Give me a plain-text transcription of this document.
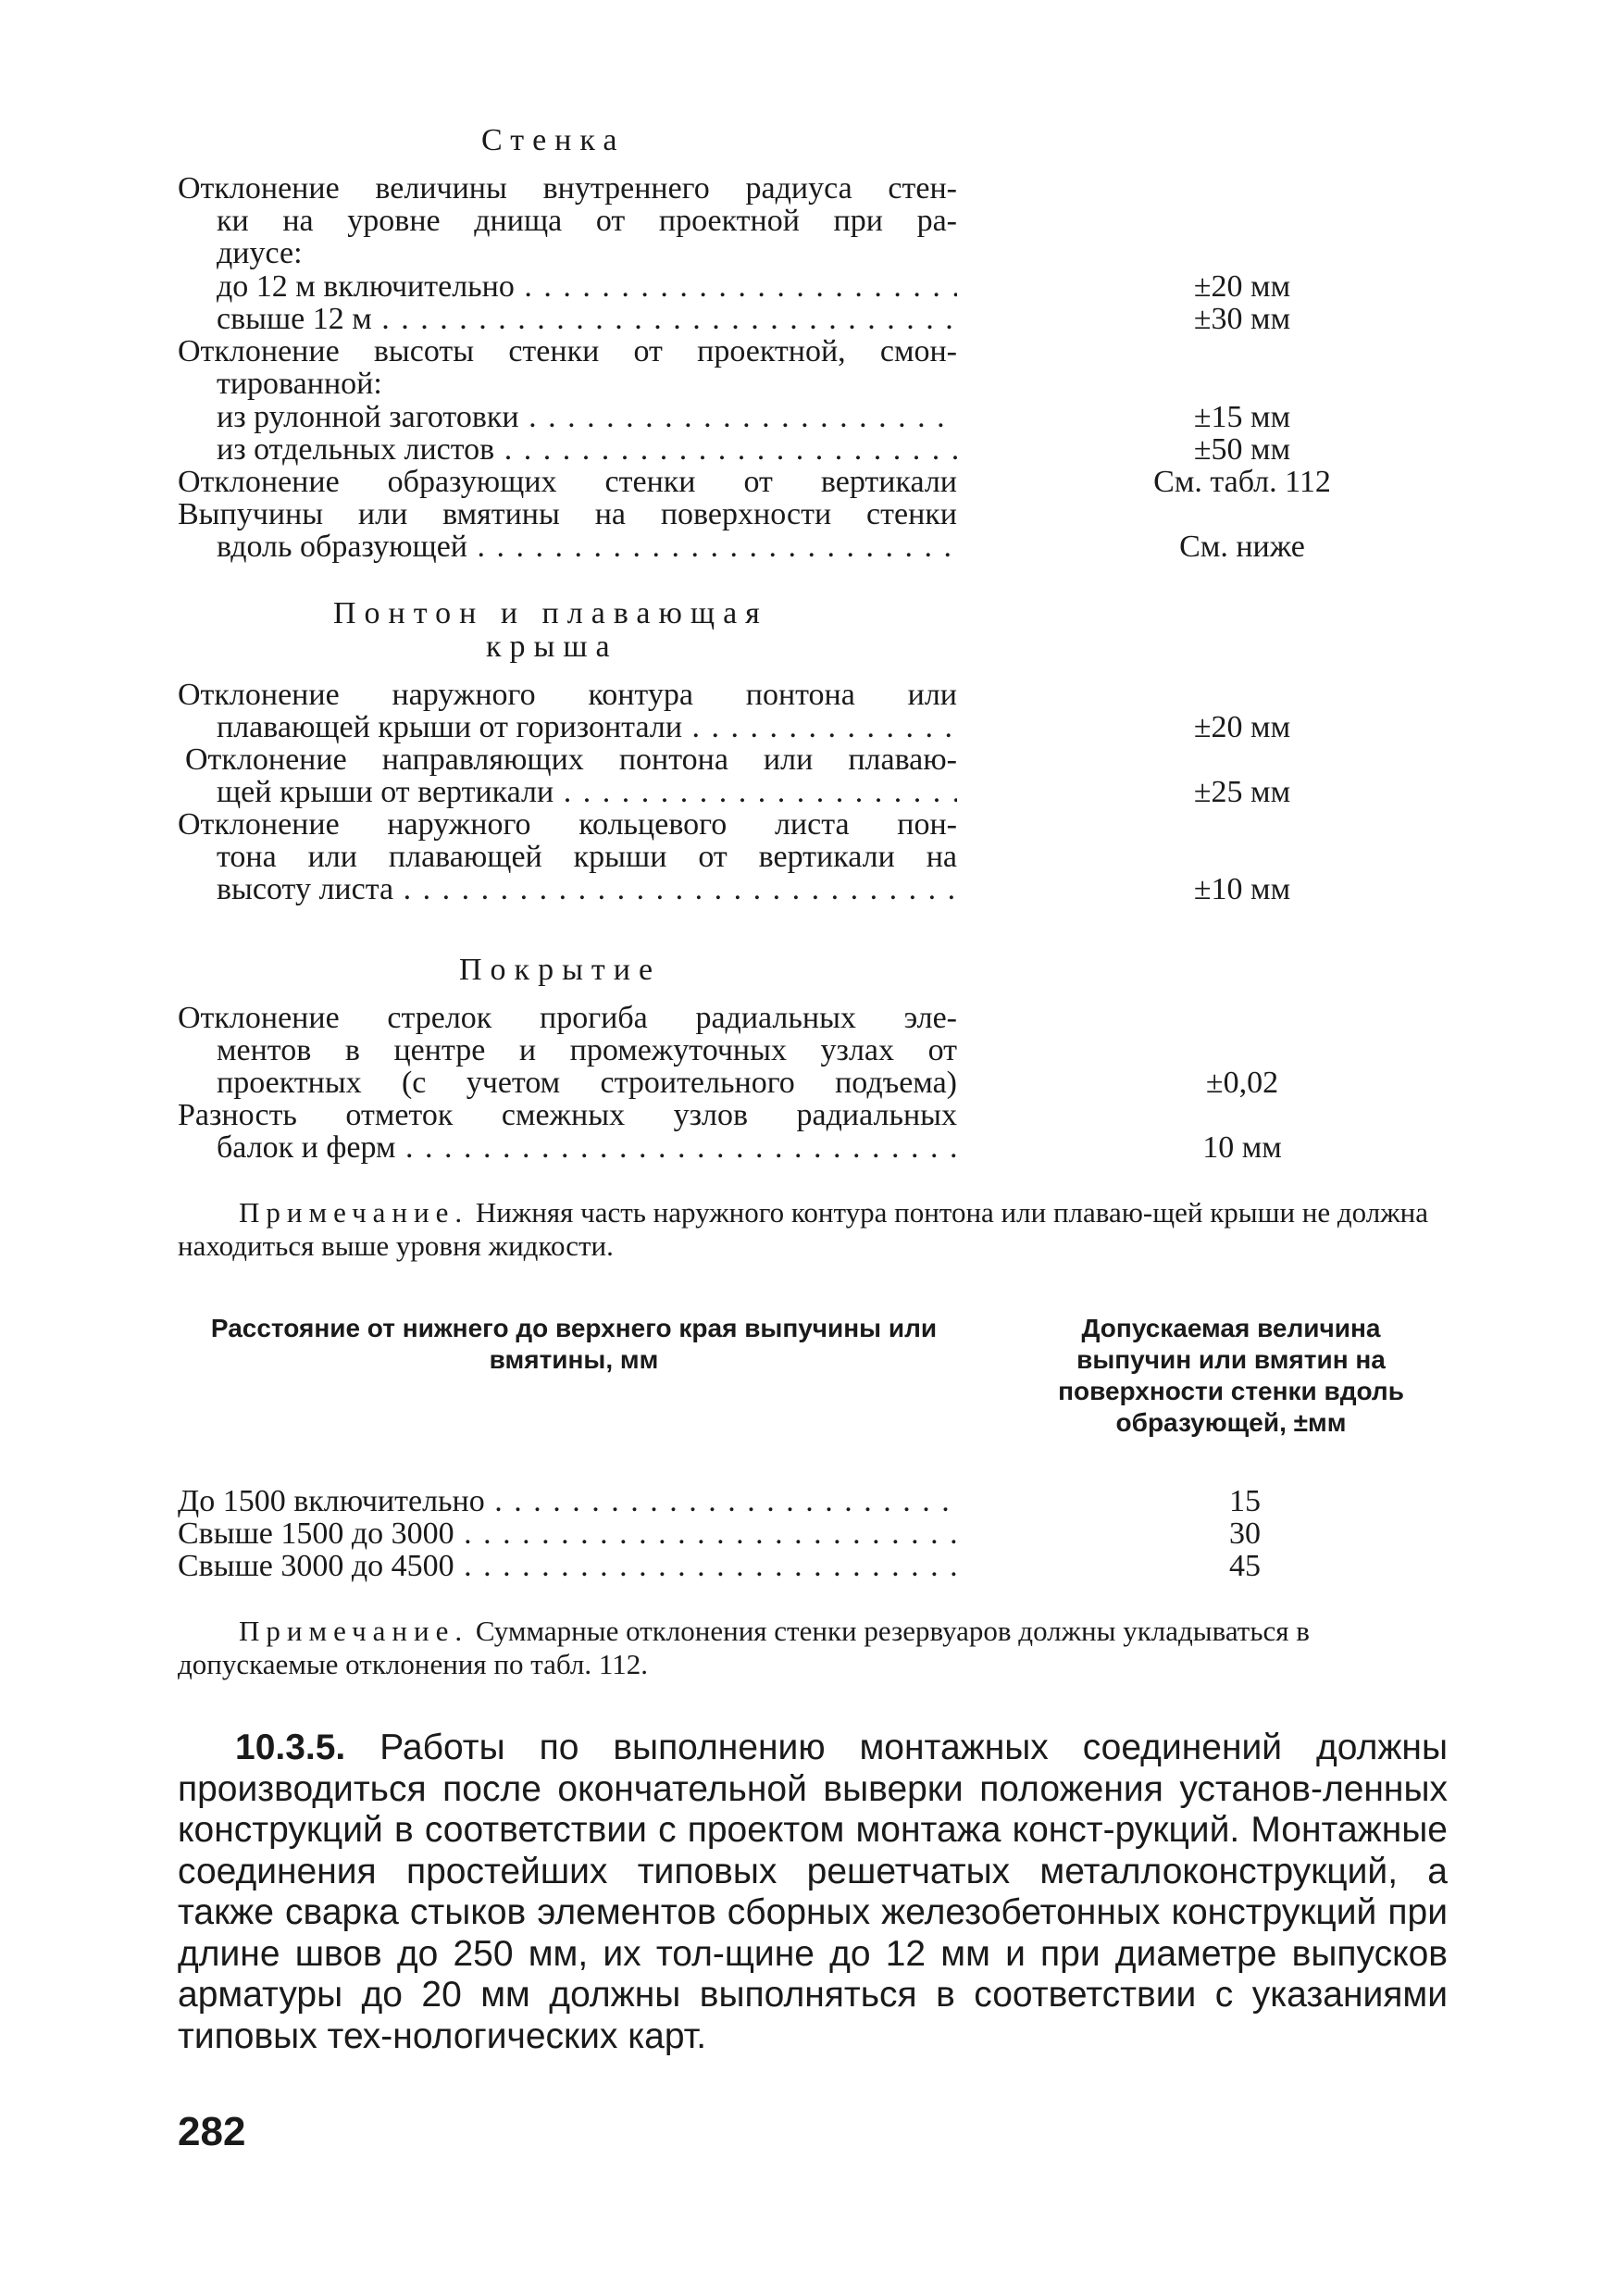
Стенка
Отклонение величины внутреннего радиуса стен-
ки на уровне днища от проектной при ра-
диусе:
до 12 м включительно . . .	±20 мм
свыше 12 м . . .	±30 мм
Отклонение высоты стенки от проектной, смон-
тированной:
из рулонной заготовки . . .	±15 мм
из отдельных листов . . .	±50 мм
Отклонение образующих стенки от вертикали	См. табл. 112
Выпучины или вмятины на поверхности стенки
вдоль образующей . . .	См. ниже
Понтон и плавающая
крыша
Отклонение наружного контура понтона или
плавающей крыши от горизонтали . . .	±20 мм
Отклонение направляющих понтона или плаваю-
щей крыши от вертикали . . .	±25 мм
Отклонение наружного кольцевого листа пон-
тона или плавающей крыши от вертикали на
высоту листа . . .	±10 мм
Покрытие
Отклонение стрелок прогиба радиальных эле-
ментов в центре и промежуточных узлах от
проектных (с учетом строительного подъема)	±0,02
Разность отметок смежных узлов радиальных
балок и ферм . . .	10 мм
Примечание. Нижняя часть наружного контура понтона или плаваю-щей крыши не должна находиться выше уровня жидкости.
Расстояние от нижнего до верхнего края выпучины или вмятины, мм
Допускаемая величина выпучин или вмятин на поверхности стенки вдоль образующей, ±мм
До 1500 включительно . . .	15
Свыше 1500 до 3000 . . .	30
Свыше 3000 до 4500 . . .	45
Примечание. Суммарные отклонения стенки резервуаров должны укладываться в допускаемые отклонения по табл. 112.
10.3.5. Работы по выполнению монтажных соединений должны производиться после окончательной выверки положения установ-ленных конструкций в соответствии с проектом монтажа конст-рукций. Монтажные соединения простейших типовых решетчатых металлоконструкций, а также сварка стыков элементов сборных железобетонных конструкций при длине швов до 250 мм, их тол-щине до 12 мм и при диаметре выпусков арматуры до 20 мм должны выполняться в соответствии с указаниями типовых тех-нологических карт.
282
